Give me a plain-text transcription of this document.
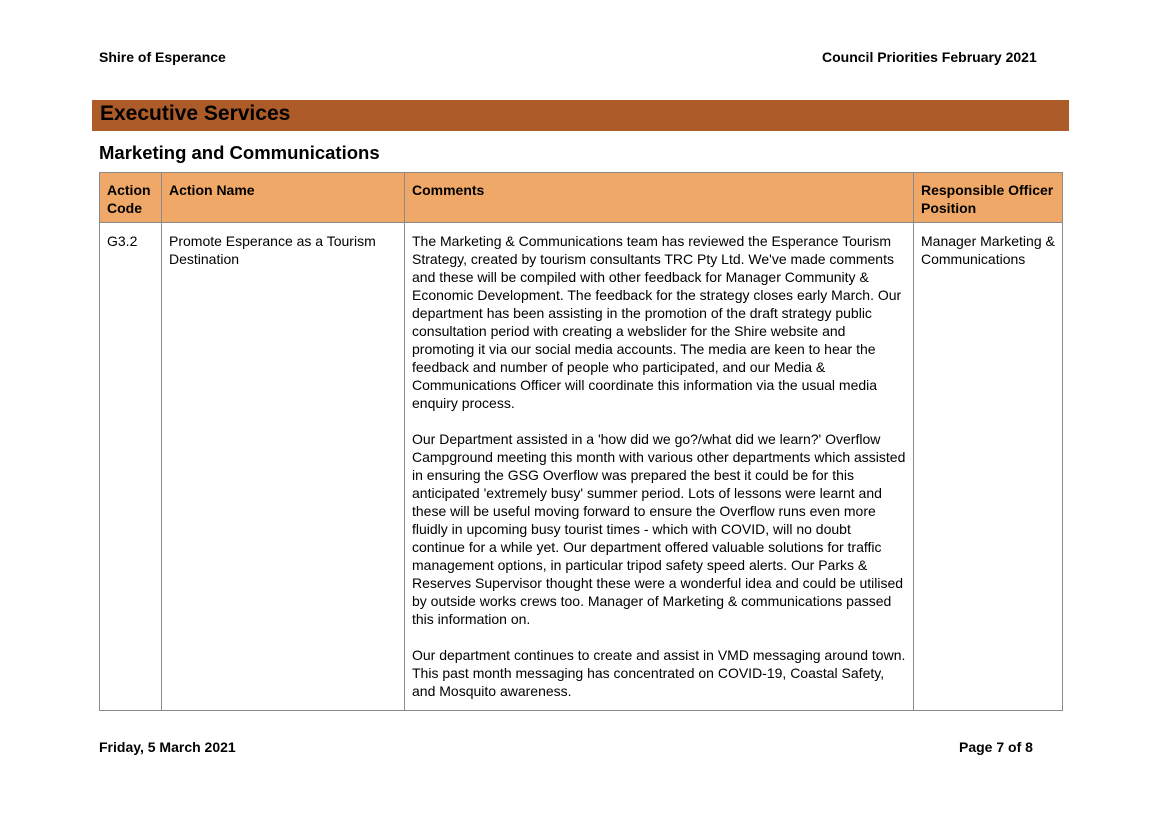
Shire of Esperance	Council Priorities February 2021
Executive Services
Marketing and Communications
Action Code	Action Name	Comments	Responsible Officer Position
G3.2	Promote Esperance as a Tourism Destination	The Marketing & Communications team has reviewed the Esperance Tourism Strategy, created by tourism consultants TRC Pty Ltd. We've made comments and these will be compiled with other feedback for Manager Community & Economic Development. The feedback for the strategy closes early March. Our department has been assisting in the promotion of the draft strategy public consultation period with creating a webslider for the Shire website and promoting it via our social media accounts. The media are keen to hear the feedback and number of people who participated, and our Media & Communications Officer will coordinate this information via the usual media enquiry process.

Our Department assisted in a 'how did we go?/what did we learn?' Overflow Campground meeting this month with various other departments which assisted in ensuring the GSG Overflow was prepared the best it could be for this anticipated 'extremely busy' summer period. Lots of lessons were learnt and these will be useful moving forward to ensure the Overflow runs even more fluidly in upcoming busy tourist times - which with COVID, will no doubt continue for a while yet. Our department offered valuable solutions for traffic management options, in particular tripod safety speed alerts. Our Parks & Reserves Supervisor thought these were a wonderful idea and could be utilised by outside works crews too. Manager of Marketing & communications passed this information on.

Our department continues to create and assist in VMD messaging around town. This past month messaging has concentrated on COVID-19, Coastal Safety, and Mosquito awareness.	Manager Marketing & Communications
Friday, 5 March 2021	Page 7 of 8
